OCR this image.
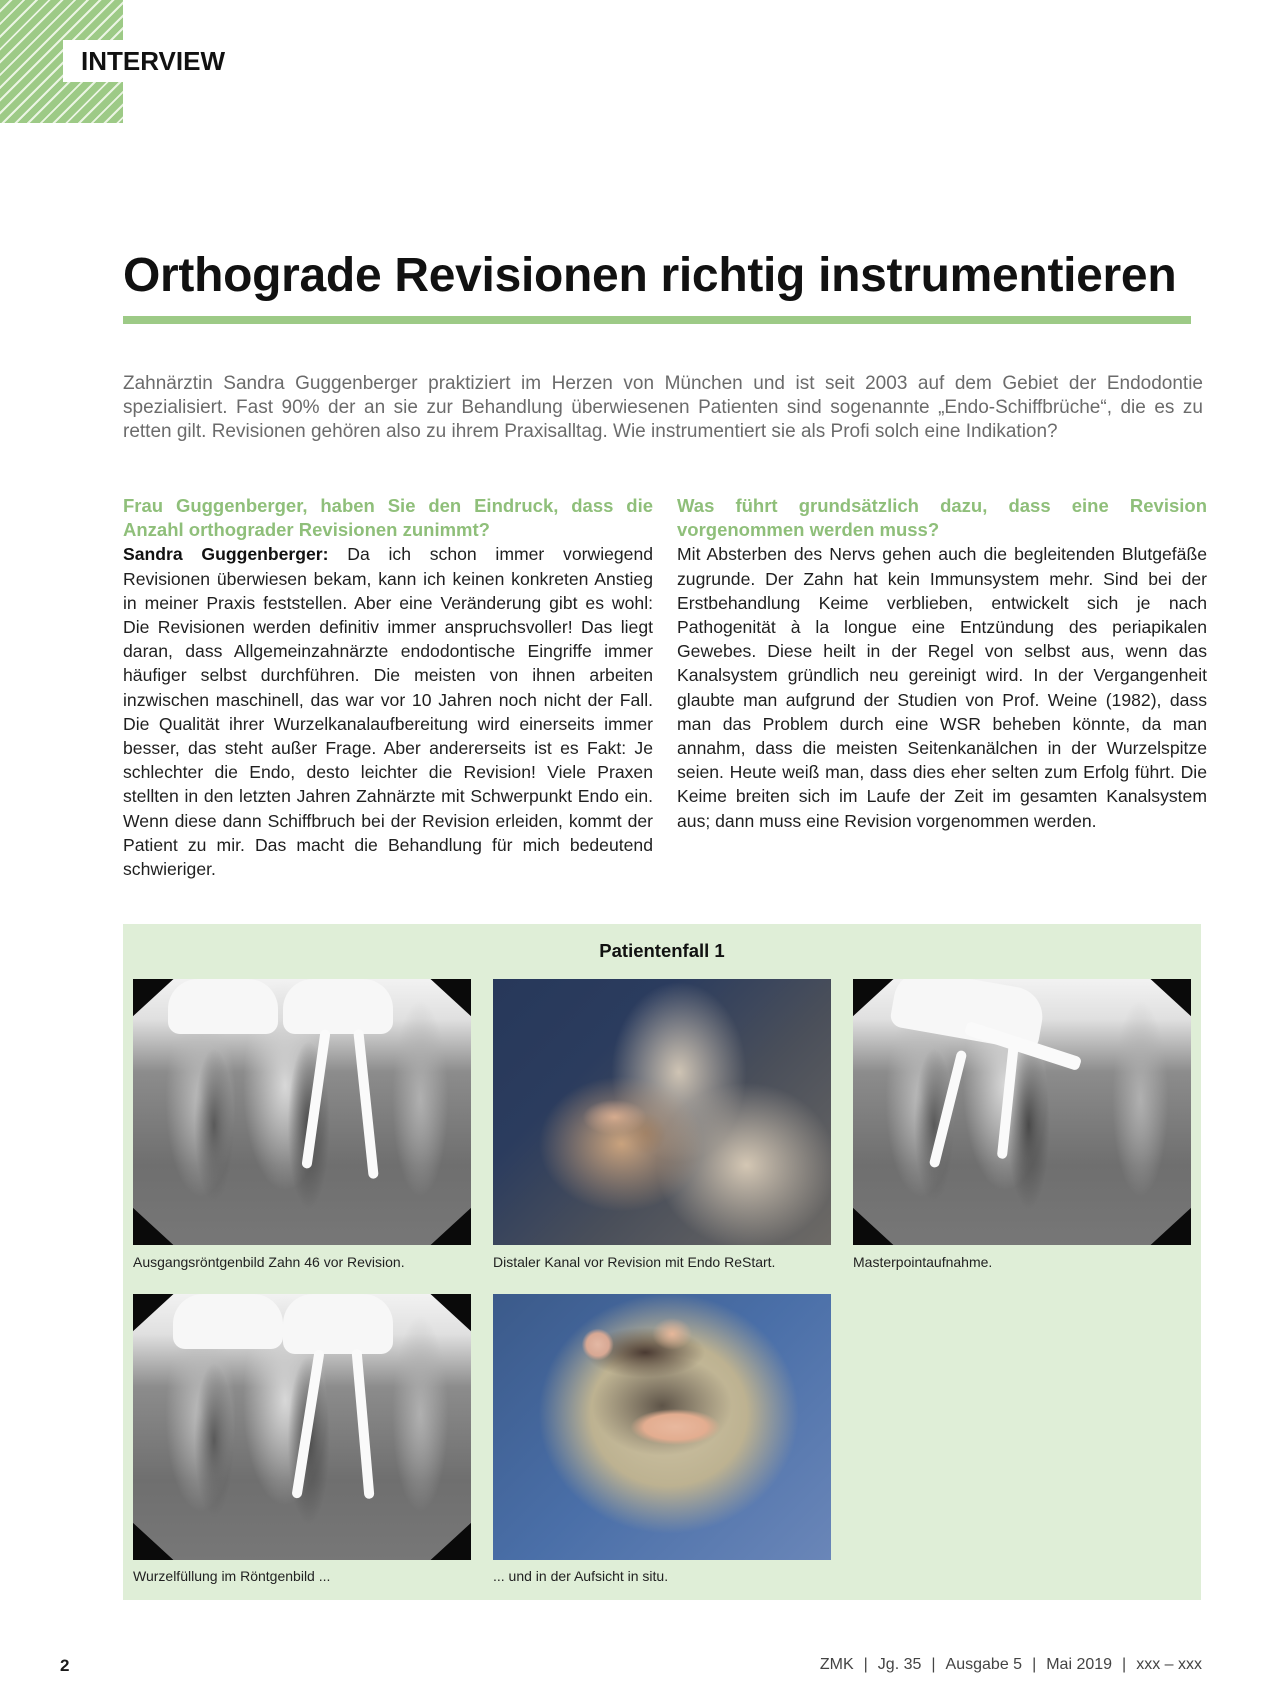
INTERVIEW
Orthograde Revisionen richtig instrumentieren

Zahnärztin Sandra Guggenberger praktiziert im Herzen von München und ist seit 2003 auf dem Gebiet der Endodontie spezialisiert. Fast 90% der an sie zur Behandlung überwiesenen Patienten sind sogenannte „Endo-Schiffbrüche“, die es zu retten gilt. Revisionen gehören also zu ihrem Praxisalltag. Wie instrumentiert sie als Profi solch eine Indikation?

Frau Guggenberger, haben Sie den Eindruck, dass die Anzahl orthograder Revisionen zunimmt?
Sandra Guggenberger: Da ich schon immer vorwiegend Revisionen überwiesen bekam, kann ich keinen konkreten Anstieg in meiner Praxis feststellen. Aber eine Veränderung gibt es wohl: Die Revisionen werden definitiv immer anspruchsvoller! Das liegt daran, dass Allgemeinzahnärzte endodontische Eingriffe immer häufiger selbst durchführen. Die meisten von ihnen arbeiten inzwischen maschinell, das war vor 10 Jahren noch nicht der Fall. Die Qualität ihrer Wurzelkanalaufbereitung wird einerseits immer besser, das steht außer Frage. Aber andererseits ist es Fakt: Je schlechter die Endo, desto leichter die Revision! Viele Praxen stellten in den letzten Jahren Zahnärzte mit Schwerpunkt Endo ein. Wenn diese dann Schiffbruch bei der Revision erleiden, kommt der Patient zu mir. Das macht die Behandlung für mich bedeutend schwieriger.
Was führt grundsätzlich dazu, dass eine Revision vorgenommen werden muss?
Mit Absterben des Nervs gehen auch die begleitenden Blutgefäße zugrunde. Der Zahn hat kein Immunsystem mehr. Sind bei der Erstbehandlung Keime verblieben, entwickelt sich je nach Pathogenität à la longue eine Entzündung des periapikalen Gewebes. Diese heilt in der Regel von selbst aus, wenn das Kanalsystem gründlich neu gereinigt wird. In der Vergangenheit glaubte man aufgrund der Studien von Prof. Weine (1982), dass man das Problem durch eine WSR beheben könnte, da man annahm, dass die meisten Seitenkanälchen in der Wurzelspitze seien. Heute weiß man, dass dies eher selten zum Erfolg führt. Die Keime breiten sich im Laufe der Zeit im gesamten Kanalsystem aus; dann muss eine Revision vorgenommen werden.
Patientenfall 1
Ausgangsröntgenbild Zahn 46 vor Revision.	Distaler Kanal vor Revision mit Endo ReStart.	Masterpointaufnahme.
Wurzelfüllung im Röntgenbild ...	... und in der Aufsicht in situ.
2	ZMK | Jg. 35 | Ausgabe 5 | Mai 2019 | xxx – xxx
